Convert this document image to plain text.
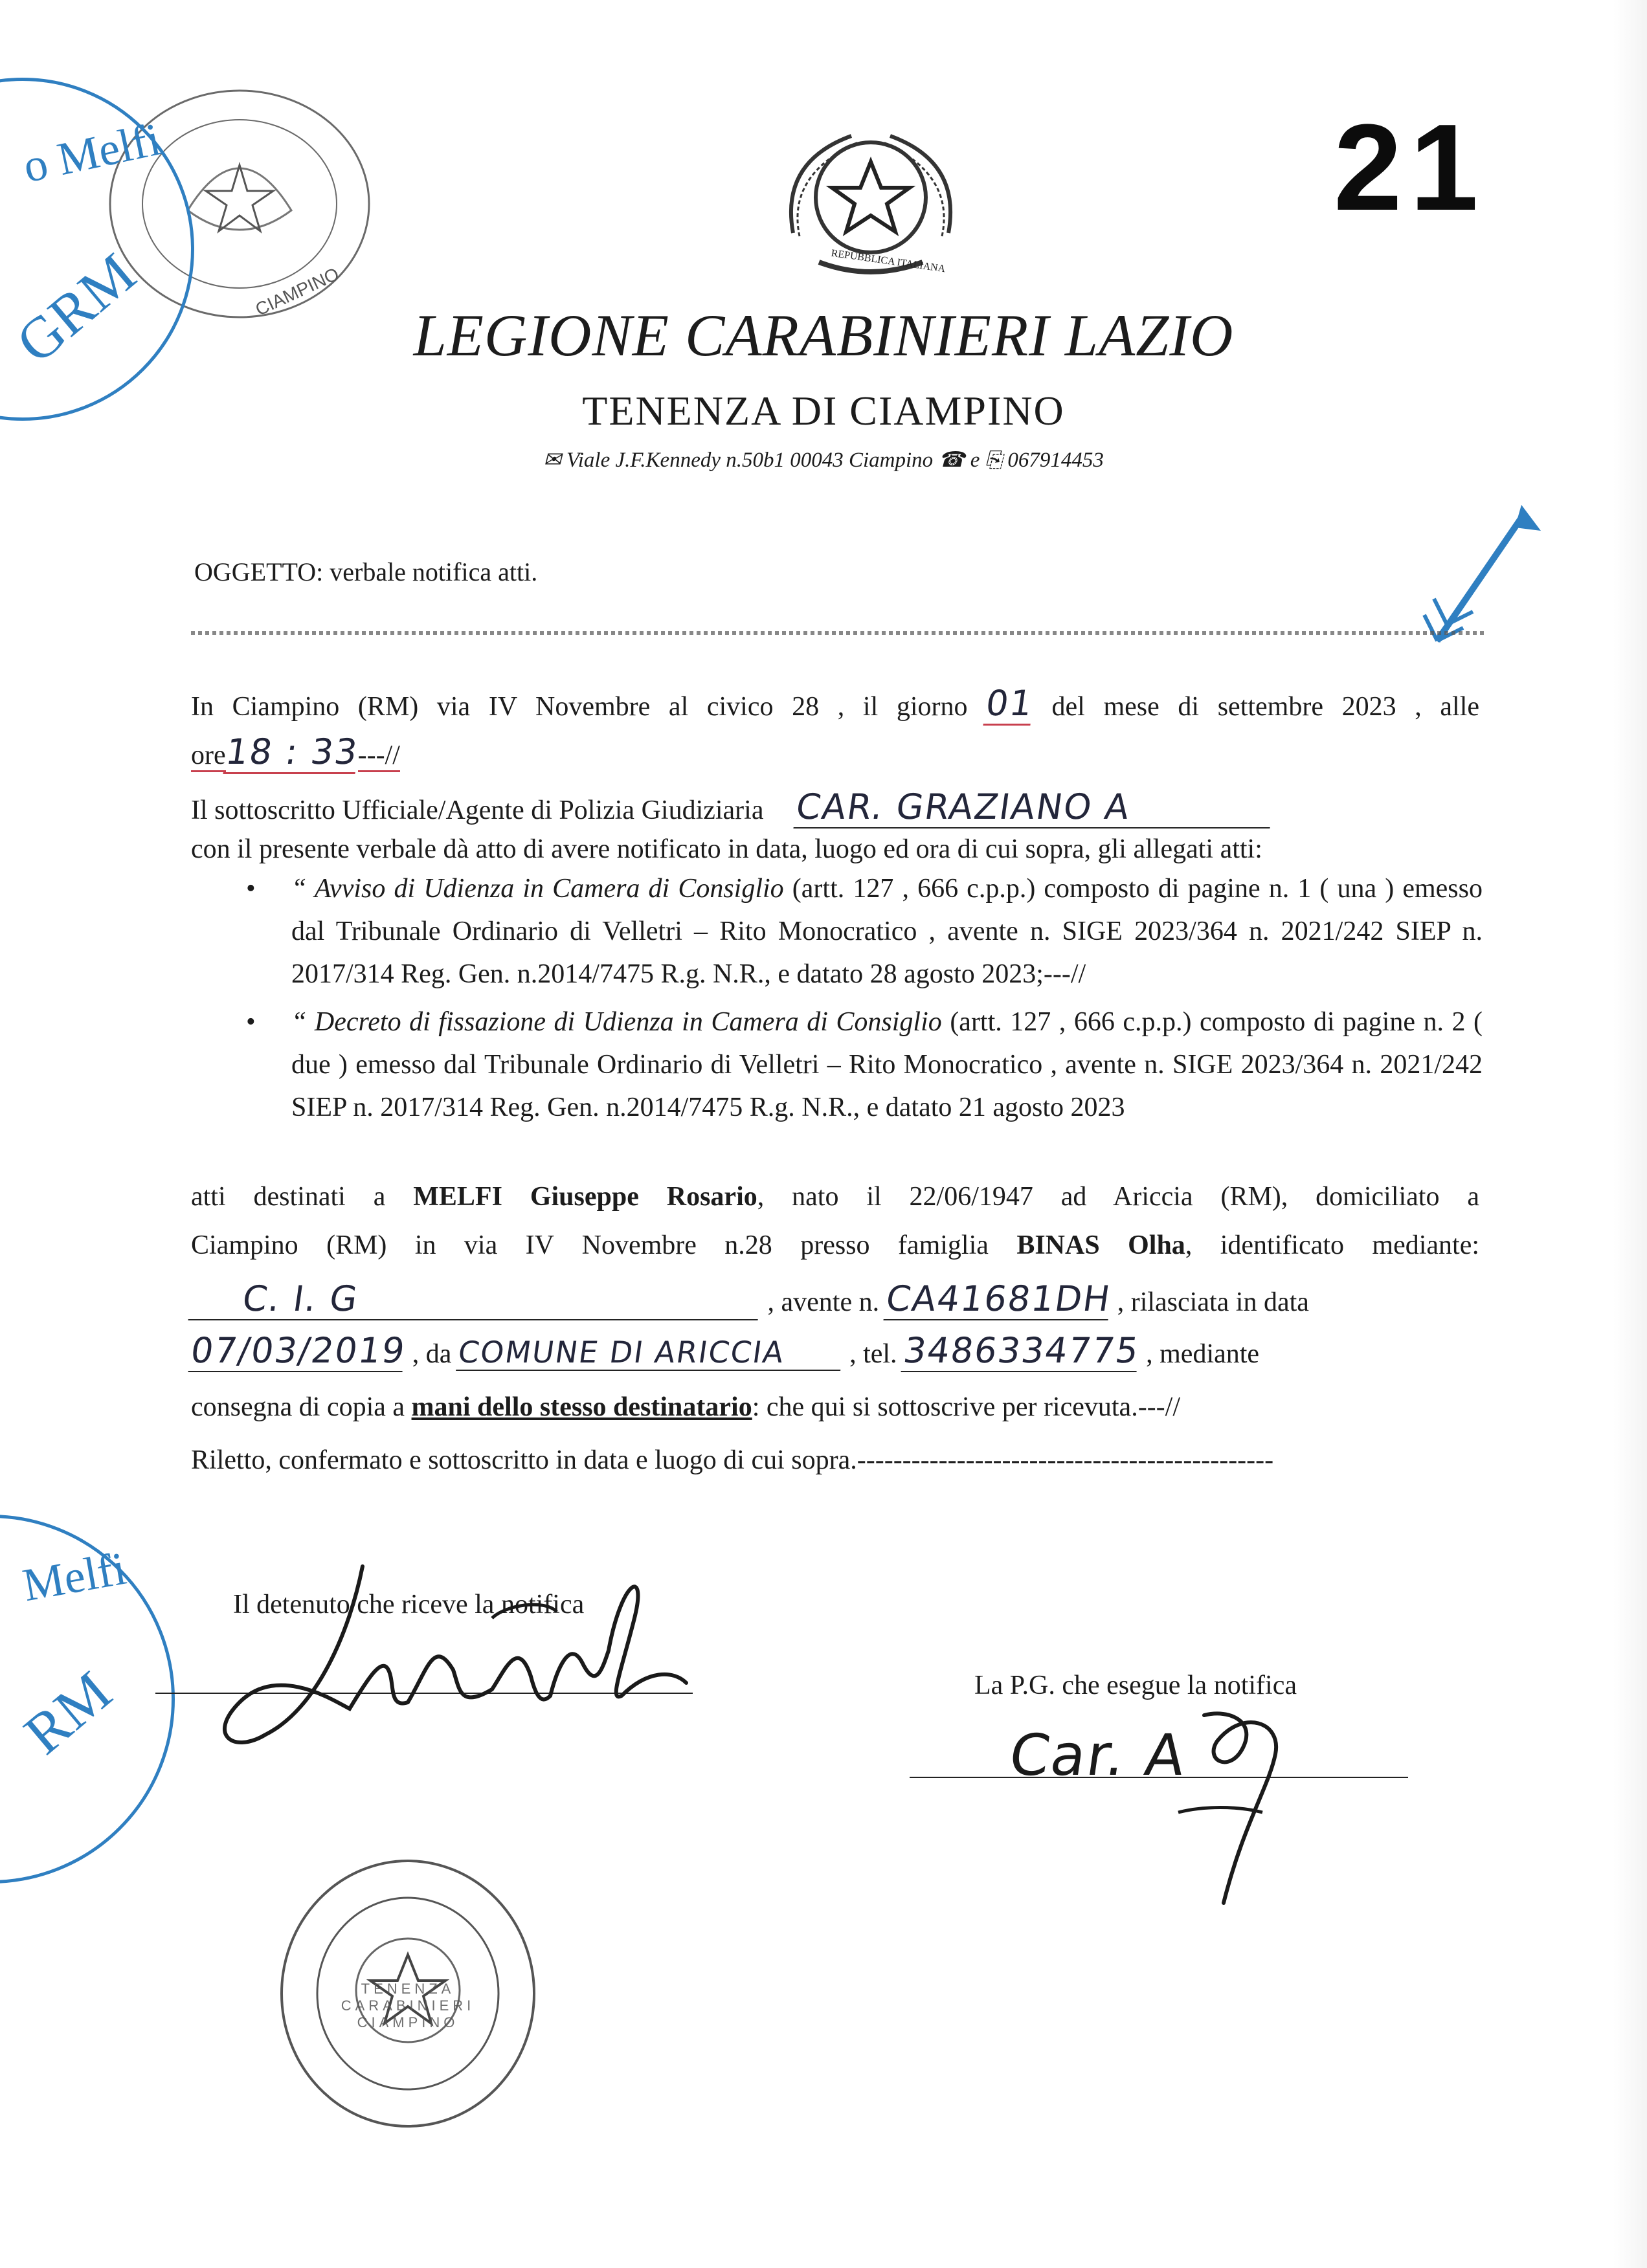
CIAMPINO
o Melfi
GRM
21
REPUBBLICA ITALIANA
LEGIONE CARABINIERI LAZIO
TENENZA DI CIAMPINO
✉ Viale J.F.Kennedy n.50b1 00043 Ciampino ☎ e ⎘ 067914453
OGGETTO: verbale notifica atti.
In Ciampino (RM) via IV Novembre al civico 28 , il giorno 01 del mese di settembre 2023 , alle
ore18 : 33---//
Il sottoscritto Ufficiale/Agente di Polizia Giudiziaria CAR. GRAZIANO A
con il presente verbale dà atto di avere notificato in data, luogo ed ora di cui sopra, gli allegati atti:
• “ Avviso di Udienza in Camera di Consiglio (artt. 127 , 666 c.p.p.) composto di pagine n. 1 ( una ) emesso dal Tribunale Ordinario di Velletri – Rito Monocratico , avente n. SIGE 2023/364 n. 2021/242 SIEP n. 2017/314 Reg. Gen. n.2014/7475 R.g. N.R., e datato 28 agosto 2023;---//
• “ Decreto di fissazione di Udienza in Camera di Consiglio (artt. 127 , 666 c.p.p.) composto di pagine n. 2 ( due ) emesso dal Tribunale Ordinario di Velletri – Rito Monocratico , avente n. SIGE 2023/364 n. 2021/242 SIEP n. 2017/314 Reg. Gen. n.2014/7475 R.g. N.R., e datato 21 agosto 2023
atti destinati a MELFI Giuseppe Rosario, nato il 22/06/1947 ad Ariccia (RM), domiciliato a
Ciampino (RM) in via IV Novembre n.28 presso famiglia BINAS Olha, identificato mediante:
C. I. G	, avente n. CA41681DH , rilasciata in data
07/03/2019 , da COMUNE DI ARICCIA , tel. 3486334775 , mediante
consegna di copia a mani dello stesso destinatario: che qui si sottoscrive per ricevuta.---//
Riletto, confermato e sottoscritto in data e luogo di cui sopra.----------------------------------------------
Melfi
RM
Il detenuto che riceve la notifica
La P.G. che esegue la notifica
Car. A
TENENZA CARABINIERI CIAMPINO
